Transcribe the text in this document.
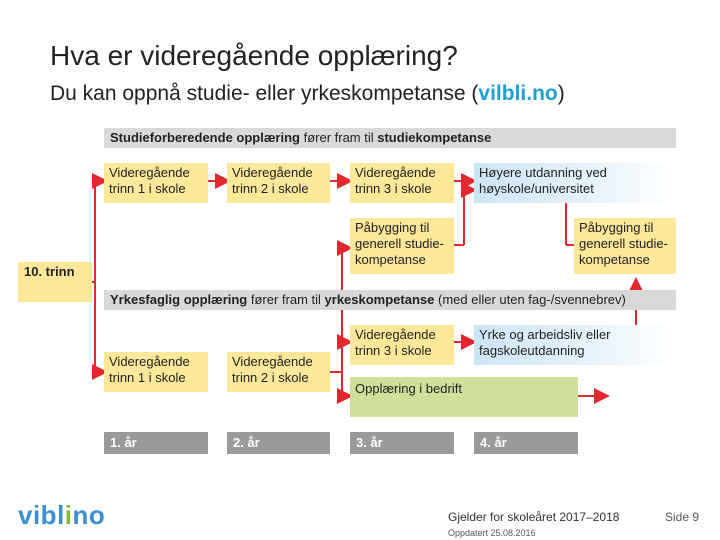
Hva er videregående opplæring?
Du kan oppnå studie- eller yrkeskompetanse (vilbli.no)
Studieforberedende opplæring fører fram til studiekompetanse
Yrkesfaglig opplæring fører fram til yrkeskompetanse (med eller uten fag-/svennebrev)
10. trinn
Videregående trinn 1 i skole
Videregående trinn 2 i skole
Videregående trinn 3 i skole
Høyere utdanning ved høyskole/universitet
Påbygging til generell studie-kompetanse
Påbygging til generell studie-kompetanse
Videregående trinn 3 i skole
Yrke og arbeidsliv eller fagskoleutdanning
Videregående trinn 1 i skole
Videregående trinn 2 i skole
Opplæring i bedrift
1. år	2. år	3. år	4. år
viblino	Gjelder for skoleåret 2017–2018
Oppdatert 25.08.2016
Side 9
